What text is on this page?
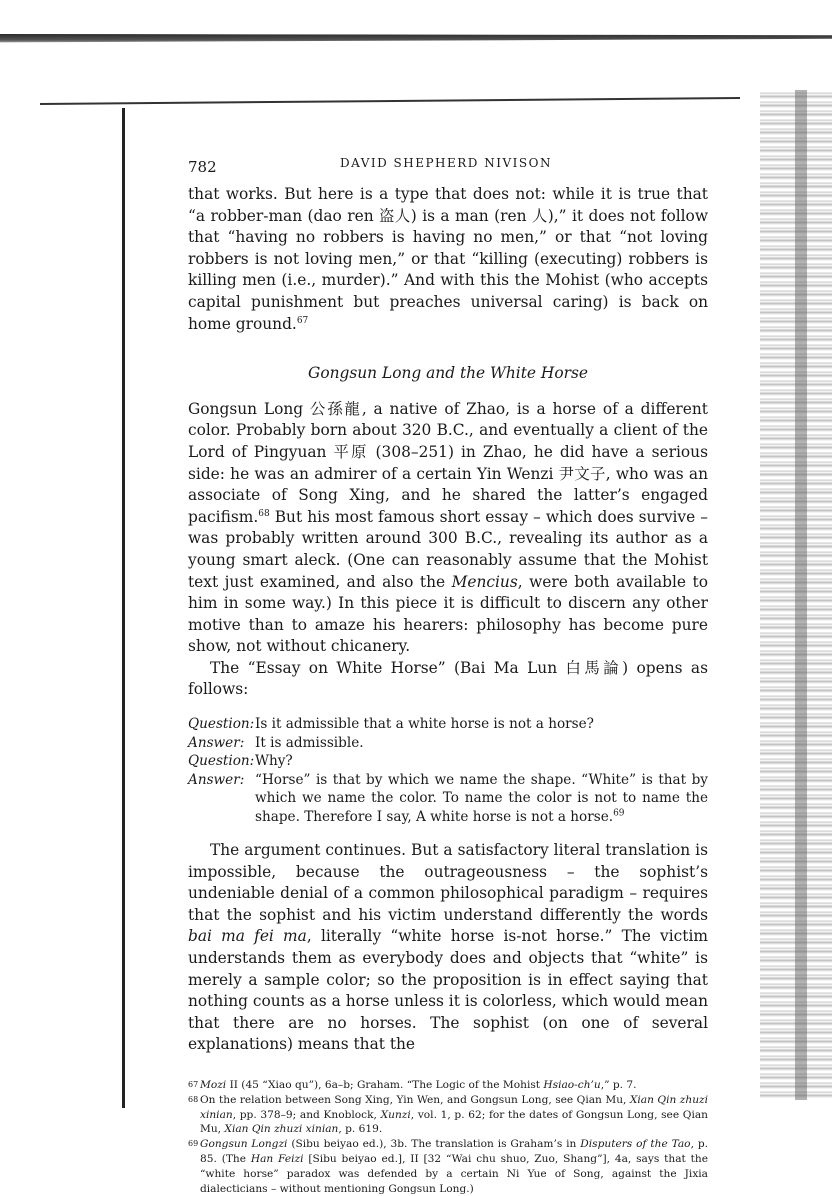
782	DAVID SHEPHERD NIVISON

that works. But here is a type that does not: while it is true that “a robber-man (dao ren 盗人) is a man (ren 人),” it does not follow that “having no robbers is having no men,” or that “not loving robbers is not loving men,” or that “killing (executing) robbers is killing men (i.e., murder).” And with this the Mohist (who accepts capital punishment but preaches universal caring) is back on home ground.$^{67}$

Gongsun Long and the White Horse

Gongsun Long 公孫龍, a native of Zhao, is a horse of a different color. Probably born about 320 B.C., and eventually a client of the Lord of Pingyuan 平原 (308–251) in Zhao, he did have a serious side: he was an admirer of a certain Yin Wenzi 尹文子, who was an associate of Song Xing, and he shared the latter’s engaged pacifism.$^{68}$ But his most famous short essay – which does survive – was probably written around 300 B.C., revealing its author as a young smart aleck. (One can reasonably assume that the Mohist text just examined, and also the Mencius, were both available to him in some way.) In this piece it is difficult to discern any other motive than to amaze his hearers: philosophy has become pure show, not without chicanery.

The “Essay on White Horse” (Bai Ma Lun 白馬論) opens as follows:

Question: Is it admissible that a white horse is not a horse?
Answer: It is admissible.
Question: Why?
Answer: “Horse” is that by which we name the shape. “White” is that by which we name the color. To name the color is not to name the shape. Therefore I say, A white horse is not a horse.$^{69}$

The argument continues. But a satisfactory literal translation is impossible, because the outrageousness – the sophist’s undeniable denial of a common philosophical paradigm – requires that the sophist and his victim understand differently the words bai ma fei ma, literally “white horse is-not horse.” The victim understands them as everybody does and objects that “white” is merely a sample color; so the proposition is in effect saying that nothing counts as a horse unless it is colorless, which would mean that there are no horses. The sophist (on one of several explanations) means that the

67 Mozi II (45 “Xiao qu”), 6a–b; Graham. “The Logic of the Mohist Hsiao-ch’u,” p. 7.
68 On the relation between Song Xing, Yin Wen, and Gongsun Long, see Qian Mu, Xian Qin zhuzi xinian, pp. 378–9; and Knoblock, Xunzi, vol. 1, p. 62; for the dates of Gongsun Long, see Qian Mu, Xian Qin zhuzi xinian, p. 619.
69 Gongsun Longzi (Sibu beiyao ed.), 3b. The translation is Graham’s in Disputers of the Tao, p. 85. (The Han Feizi [Sibu beiyao ed.], II [32 “Wai chu shuo, Zuo, Shang”], 4a, says that the “white horse” paradox was defended by a certain Ni Yue of Song, against the Jixia dialecticians – without mentioning Gongsun Long.)
